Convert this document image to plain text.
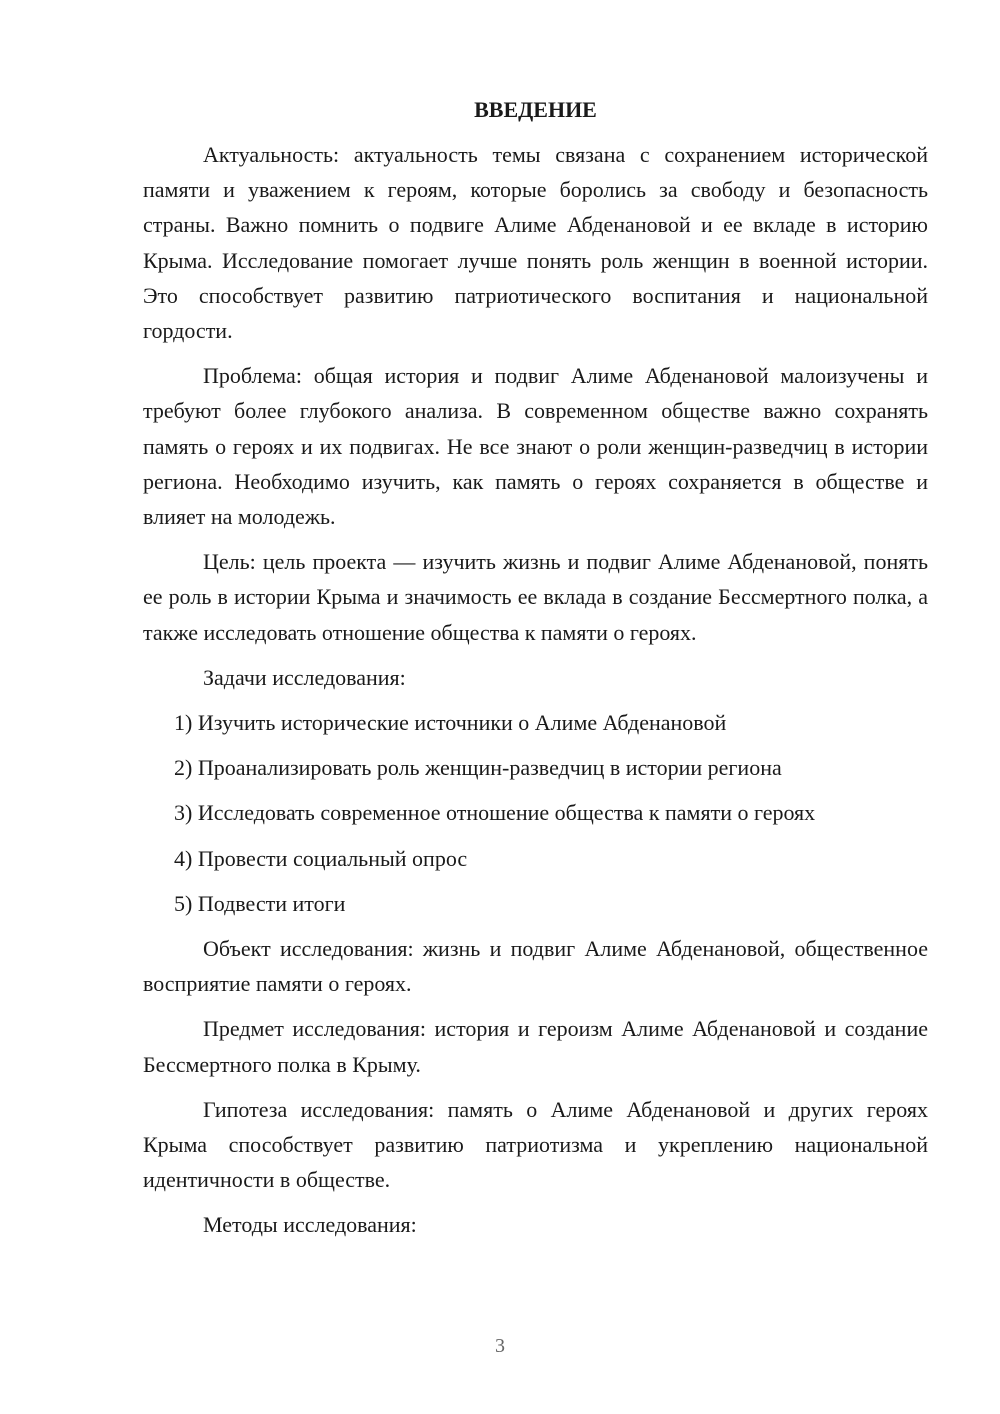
ВВЕДЕНИЕ

Актуальность: актуальность темы связана с сохранением исторической памяти и уважением к героям, которые боролись за свободу и безопасность страны. Важно помнить о подвиге Алиме Абденановой и ее вкладе в историю Крыма. Исследование помогает лучше понять роль женщин в военной истории. Это способствует развитию патриотического воспитания и национальной гордости.

Проблема: общая история и подвиг Алиме Абденановой малоизучены и требуют более глубокого анализа. В современном обществе важно сохранять память о героях и их подвигах. Не все знают о роли женщин-разведчиц в истории региона. Необходимо изучить, как память о героях сохраняется в обществе и влияет на молодежь.

Цель: цель проекта — изучить жизнь и подвиг Алиме Абденановой, понять ее роль в истории Крыма и значимость ее вклада в создание Бессмертного полка, а также исследовать отношение общества к памяти о героях.

Задачи исследования:

1) Изучить исторические источники о Алиме Абденановой
2) Проанализировать роль женщин-разведчиц в истории региона
3) Исследовать современное отношение общества к памяти о героях
4) Провести социальный опрос
5) Подвести итоги

Объект исследования: жизнь и подвиг Алиме Абденановой, общественное восприятие памяти о героях.

Предмет исследования: история и героизм Алиме Абденановой и создание Бессмертного полка в Крыму.

Гипотеза исследования: память о Алиме Абденановой и других героях Крыма способствует развитию патриотизма и укреплению национальной идентичности в обществе.

Методы исследования:

3
